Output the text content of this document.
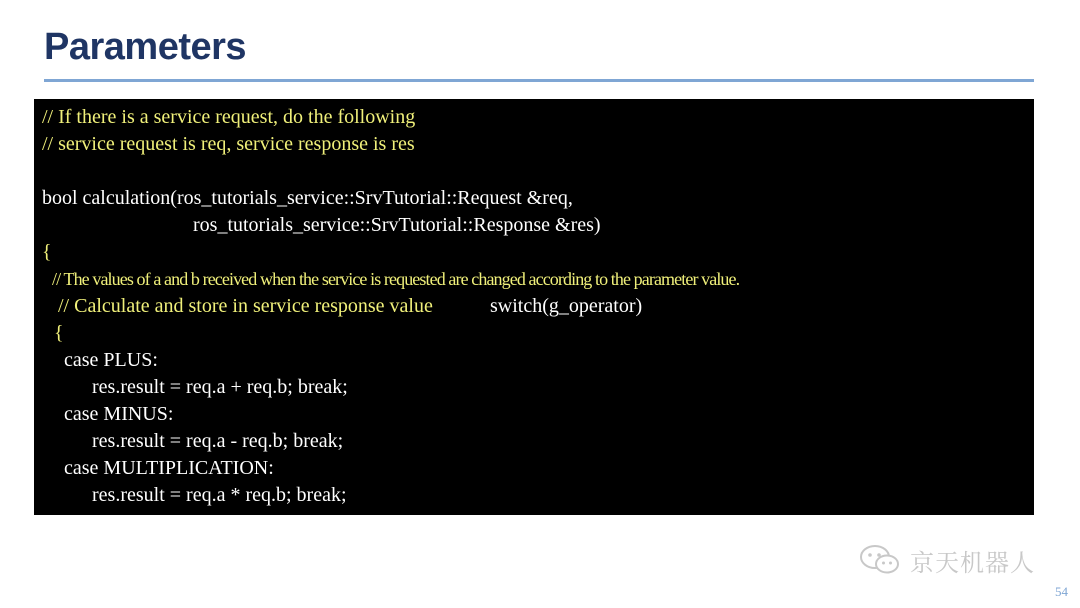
Parameters
// If there is a service request, do the following
// service request is req, service response is res
bool calculation(ros_tutorials_service::SrvTutorial::Request &req,
ros_tutorials_service::SrvTutorial::Response &res)
{
// The values of a and b received when the service is requested are changed according to the parameter value.
// Calculate and store in service response value	switch(g_operator)
{
case PLUS:
res.result = req.a + req.b; break;
case MINUS:
res.result = req.a - req.b; break;
case MULTIPLICATION:
res.result = req.a * req.b; break;
京天机器人
54
